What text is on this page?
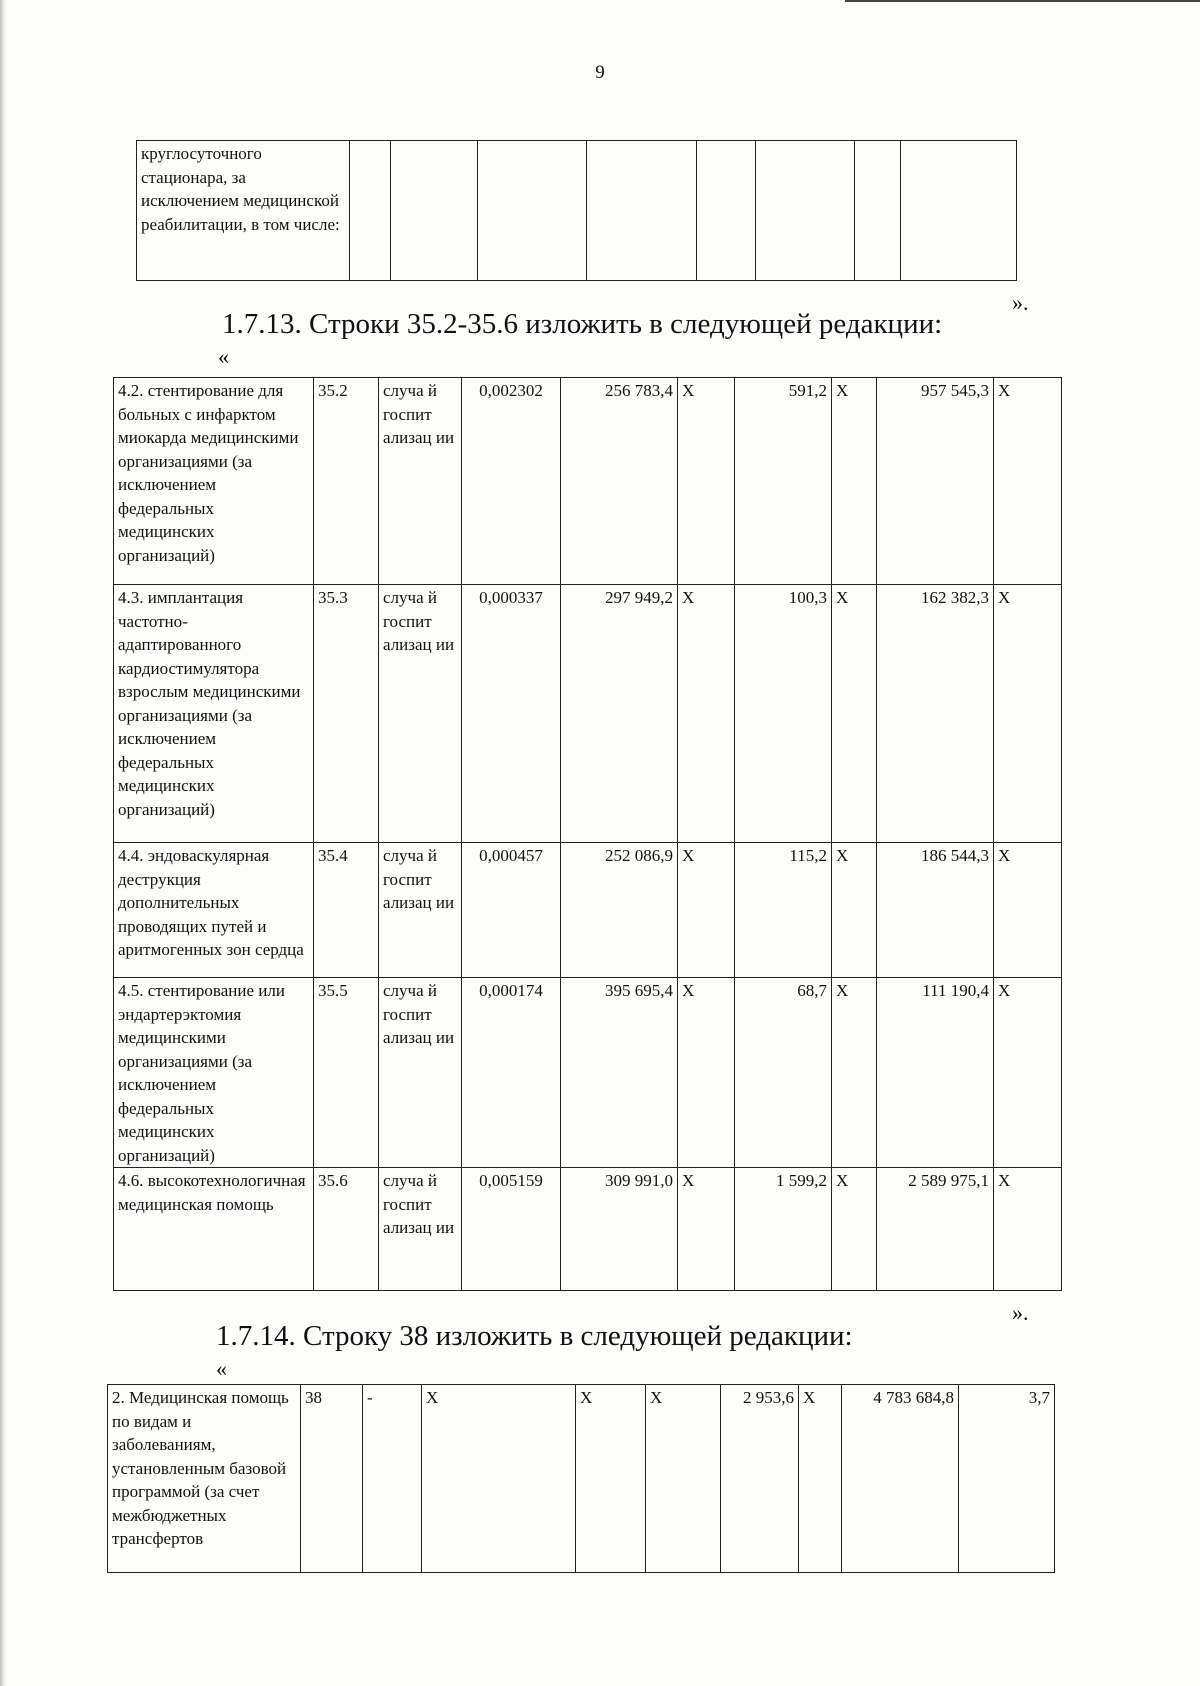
9
круглосуточного стационара, за исключением медицинской реабилитации, в том числе:								
».
1.7.13. Строки 35.2-35.6 изложить в следующей редакции:
«
4.2. стентирование для больных с инфарктом миокарда медицинскими организациями (за исключением федеральных медицинских организаций)	35.2	случа й госпит ализац ии	0,002302	256 783,4	X	591,2	X	957 545,3	X
4.3. имплантация частотно-адаптированного кардиостимулятора взрослым медицинскими организациями (за исключением федеральных медицинских организаций)	35.3	случа й госпит ализац ии	0,000337	297 949,2	X	100,3	X	162 382,3	X
4.4. эндоваскулярная деструкция дополнительных проводящих путей и аритмогенных зон сердца	35.4	случа й госпит ализац ии	0,000457	252 086,9	X	115,2	X	186 544,3	X
4.5. стентирование или эндартерэктомия медицинскими организациями (за исключением федеральных медицинских организаций)	35.5	случа й госпит ализац ии	0,000174	395 695,4	X	68,7	X	111 190,4	X
4.6. высокотехнологичная медицинская помощь	35.6	случа й госпит ализац ии	0,005159	309 991,0	X	1 599,2	X	2 589 975,1	X
».
1.7.14. Строку 38 изложить в следующей редакции:
«
2. Медицинская помощь по видам и заболеваниям, установленным базовой программой (за счет межбюджетных трансфертов	38	-	X	X	X	2 953,6	X	4 783 684,8	3,7
